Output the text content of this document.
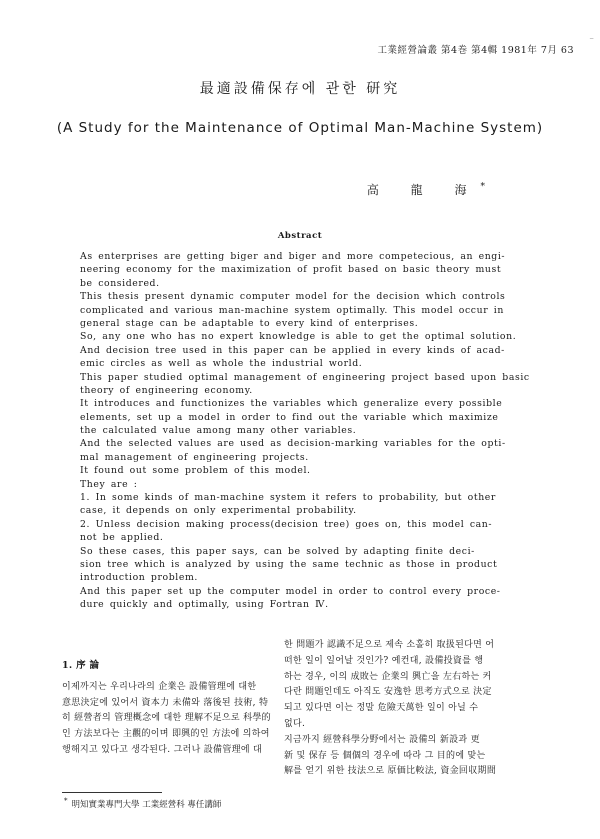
工業經營論叢 第4巻 第4輯 1981年 7月 63
⁻
最適設備保存에 관한 研究
(A Study for the Maintenance of Optimal Man-Machine System)
高 龍 海*
Abstract
As enterprises are getting biger and biger and more competecious, an engi-
neering economy for the maximization of profit based on basic theory must
be considered.
This thesis present dynamic computer model for the decision which controls
complicated and various man-machine system optimally. This model occur in
general stage can be adaptable to every kind of enterprises.
So, any one who has no expert knowledge is able to get the optimal solution.
And decision tree used in this paper can be applied in every kinds of acad-
emic circles as well as whole the industrial world.
This paper studied optimal management of engineering project based upon basic
theory of engineering economy.
It introduces and functionizes the variables which generalize every possible
elements, set up a model in order to find out the variable which maximize
the calculated value among many other variables.
And the selected values are used as decision-marking variables for the opti-
mal management of engineering projects.
It found out some problem of this model.
They are :
1. In some kinds of man-machine system it refers to probability, but other
case, it depends on only experimental probability.
2. Unless decision making process(decision tree) goes on, this model can-
not be applied.
So these cases, this paper says, can be solved by adapting finite deci-
sion tree which is analyzed by using the same technic as those in product
introduction problem.
And this paper set up the computer model in order to control every proce-
dure quickly and optimally, using Fortran Ⅳ.
1. 序 論
이제까지는 우리나라의 企業은 設備管理에 대한
意思決定에 있어서 資本力 未備와 落後된 技術, 特
히 經營者의 管理概念에 대한 理解不足으로 科學的
인 方法보다는 主觀的이며 即興的인 方法에 의하여
행해지고 있다고 생각된다. 그러나 設備管理에 대
한 問題가 認識不足으로 제속 소홀히 取扱된다면 어
떠한 일이 일어날 것인가? 예컨대, 設備投資를 행
하는 경우, 이의 成敗는 企業의 興亡을 左右하는 커
다란 問題인데도 아직도 安逸한 思考方式으로 決定
되고 있다면 이는 정말 危險天萬한 일이 아닐 수
없다.
지금까지 經營科學分野에서는 設備의 新設과 更
新 및 保存 등 個個의 경우에 따라 그 目的에 맞는
解를 얻기 위한 技法으로 原価比較法, 資金回収期間
* 明知實業專門大學 工業經營科 專任講師
